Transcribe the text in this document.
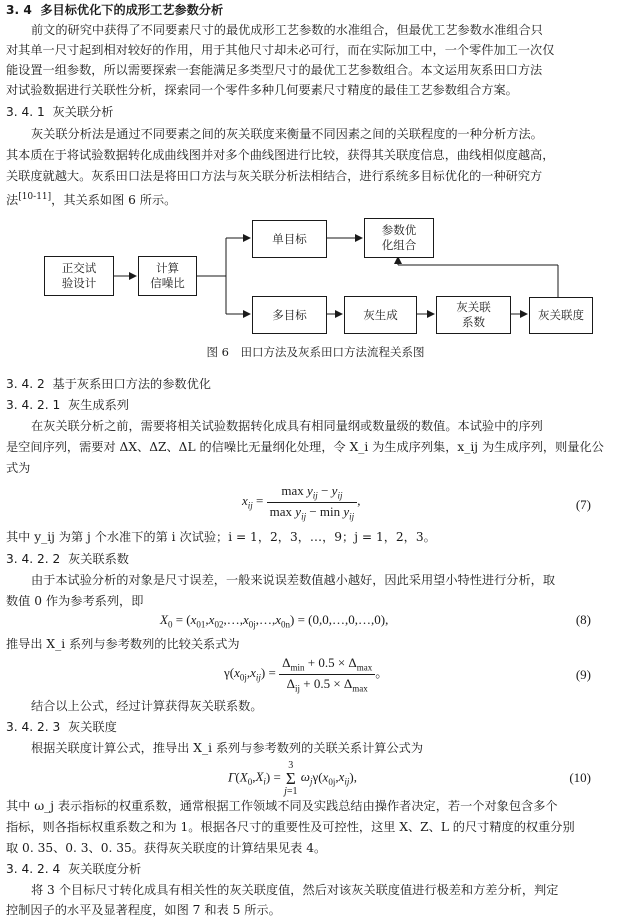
3. 4 多目标优化下的成形工艺参数分析
前文的研究中获得了不同要素尺寸的最优成形工艺参数的水准组合，但最优工艺参数水准组合只
对其单一尺寸起到相对较好的作用，用于其他尺寸却未必可行，而在实际加工中，一个零件加工一次仅
能设置一组参数，所以需要探索一套能满足多类型尺寸的最优工艺参数组合。本文运用灰系田口方法
对试验数据进行关联性分析，探索同一个零件多种几何要素尺寸精度的最佳工艺参数组合方案。
3. 4. 1 灰关联分析
灰关联分析法是通过不同要素之间的灰关联度来衡量不同因素之间的关联程度的一种分析方法。
其本质在于将试验数据转化成曲线图并对多个曲线图进行比较，获得其关联度信息，曲线相似度越高，
关联度就越大。灰系田口法是将田口方法与灰关联分析法相结合，进行系统多目标优化的一种研究方
法[10-11]，其关系如图 6 所示。
正交试
验设计
计算
信噪比
单目标
参数优
化组合
多目标	灰生成
灰关联
系数	灰关联度
图 6　田口方法及灰系田口方法流程关系图
3. 4. 2 基于灰系田口方法的参数优化
3. 4. 2. 1 灰生成系列
在灰关联分析之前，需要将相关试验数据转化成具有相同量纲或数量级的数值。本试验中的序列
是空间序列，需要对 ΔX、ΔZ、ΔL 的信噪比无量纲化处理，令 X_i 为生成序列集，x_ij 为生成序列，则量化公
式为
$x_{ij} = \frac{\max y_{ij} - y_{ij}}{\max y_{ij} - \min y_{ij}}$ ,	(7)
其中 y_ij 为第 j 个水准下的第 i 次试验；i = 1，2，3，…，9；j = 1，2，3。
3. 4. 2. 2 灰关联系数
由于本试验分析的对象是尺寸误差，一般来说误差数值越小越好，因此采用望小特性进行分析，取
数值 0 作为参考系列，即
$X_0$ = $(x_{01},x_{02},\dots,x_{0j},\dots,x_{0n})$ = (0,0,…,0,…,0),	(8)
推导出 X_i 系列与参考数列的比较关系式为
$\gamma(x_{0j},x_{ij}) = \frac{\Delta_{min} + 0.5 \times \Delta_{max}}{\Delta_{ij} + 0.5 \times \Delta_{max}}$ 。	(9)
结合以上公式，经过计算获得灰关联系数。
3. 4. 2. 3 灰关联度
根据关联度计算公式，推导出 X_i 系列与参考数列的关联关系计算公式为
$\Gamma(X_0,X_i)$ =
3
Σ
j=1
$\omega_j\gamma(x_{0j},x_{ij})$,	(10)
其中 ω_j 表示指标的权重系数，通常根据工作领域不同及实践总结由操作者决定，若一个对象包含多个
指标，则各指标权重系数之和为 1。根据各尺寸的重要性及可控性，这里 X、Z、L 的尺寸精度的权重分别
取 0. 35、0. 3、0. 35。获得灰关联度的计算结果见表 4。
3. 4. 2. 4 灰关联度分析
将 3 个目标尺寸转化成具有相关性的灰关联度值，然后对该灰关联度值进行极差和方差分析，判定
控制因子的水平及显著程度，如图 7 和表 5 所示。
